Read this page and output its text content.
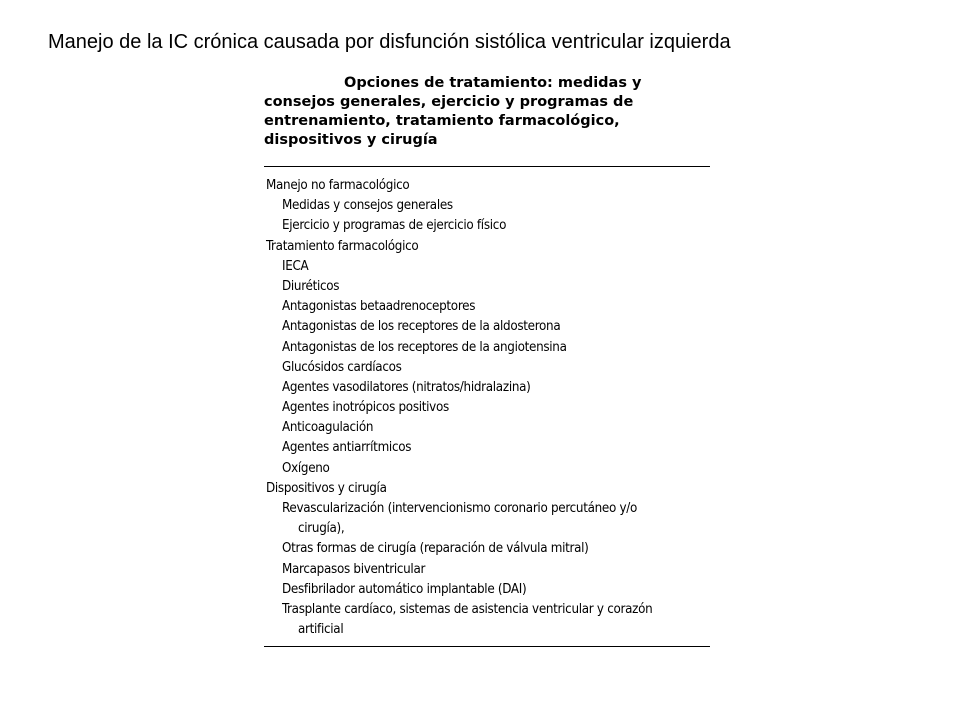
Manejo de la IC crónica causada por disfunción sistólica ventricular izquierda
Opciones de tratamiento: medidas y
consejos generales, ejercicio y programas de
entrenamiento, tratamiento farmacológico,
dispositivos y cirugía
Manejo no farmacológico
Medidas y consejos generales
Ejercicio y programas de ejercicio físico
Tratamiento farmacológico
IECA
Diuréticos
Antagonistas betaadrenoceptores
Antagonistas de los receptores de la aldosterona
Antagonistas de los receptores de la angiotensina
Glucósidos cardíacos
Agentes vasodilatores (nitratos/hidralazina)
Agentes inotrópicos positivos
Anticoagulación
Agentes antiarrítmicos
Oxígeno
Dispositivos y cirugía
Revascularización (intervencionismo coronario percutáneo y/o
cirugía),
Otras formas de cirugía (reparación de válvula mitral)
Marcapasos biventricular
Desfibrilador automático implantable (DAI)
Trasplante cardíaco, sistemas de asistencia ventricular y corazón
artificial
